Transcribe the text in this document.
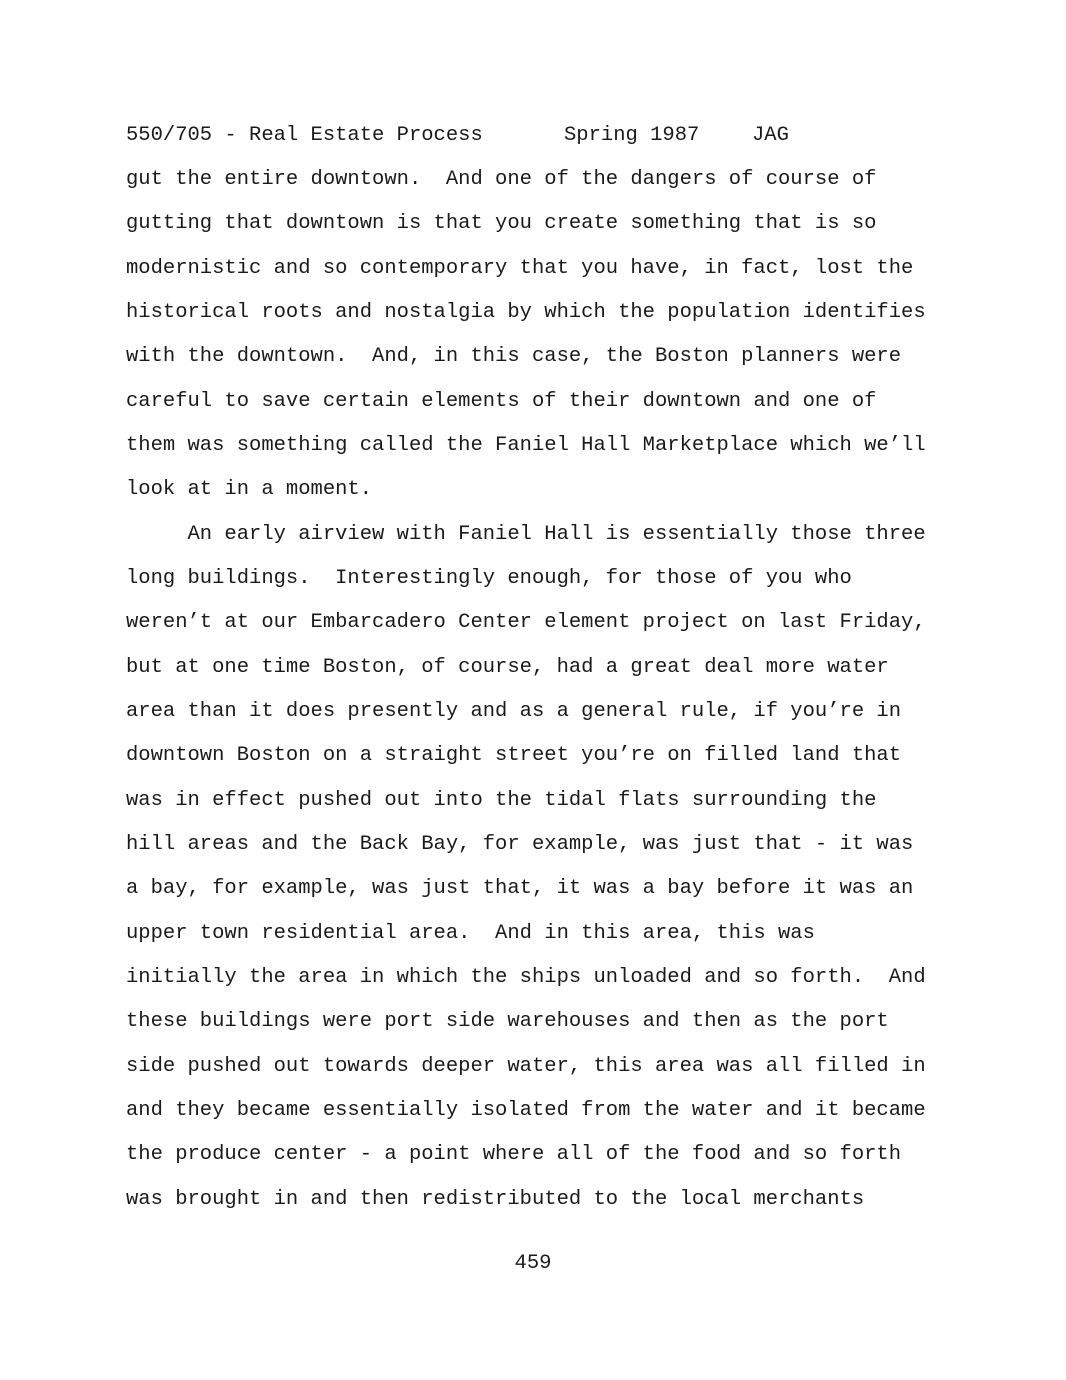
550/705 - Real Estate Process	Spring 1987	JAG
gut the entire downtown.  And one of the dangers of course of
gutting that downtown is that you create something that is so
modernistic and so contemporary that you have, in fact, lost the
historical roots and nostalgia by which the population identifies
with the downtown.  And, in this case, the Boston planners were
careful to save certain elements of their downtown and one of
them was something called the Faniel Hall Marketplace which we’ll
look at in a moment.
An early airview with Faniel Hall is essentially those three
long buildings.  Interestingly enough, for those of you who
weren’t at our Embarcadero Center element project on last Friday,
but at one time Boston, of course, had a great deal more water
area than it does presently and as a general rule, if you’re in
downtown Boston on a straight street you’re on filled land that
was in effect pushed out into the tidal flats surrounding the
hill areas and the Back Bay, for example, was just that - it was
a bay, for example, was just that, it was a bay before it was an
upper town residential area.  And in this area, this was
initially the area in which the ships unloaded and so forth.  And
these buildings were port side warehouses and then as the port
side pushed out towards deeper water, this area was all filled in
and they became essentially isolated from the water and it became
the produce center - a point where all of the food and so forth
was brought in and then redistributed to the local merchants
459
